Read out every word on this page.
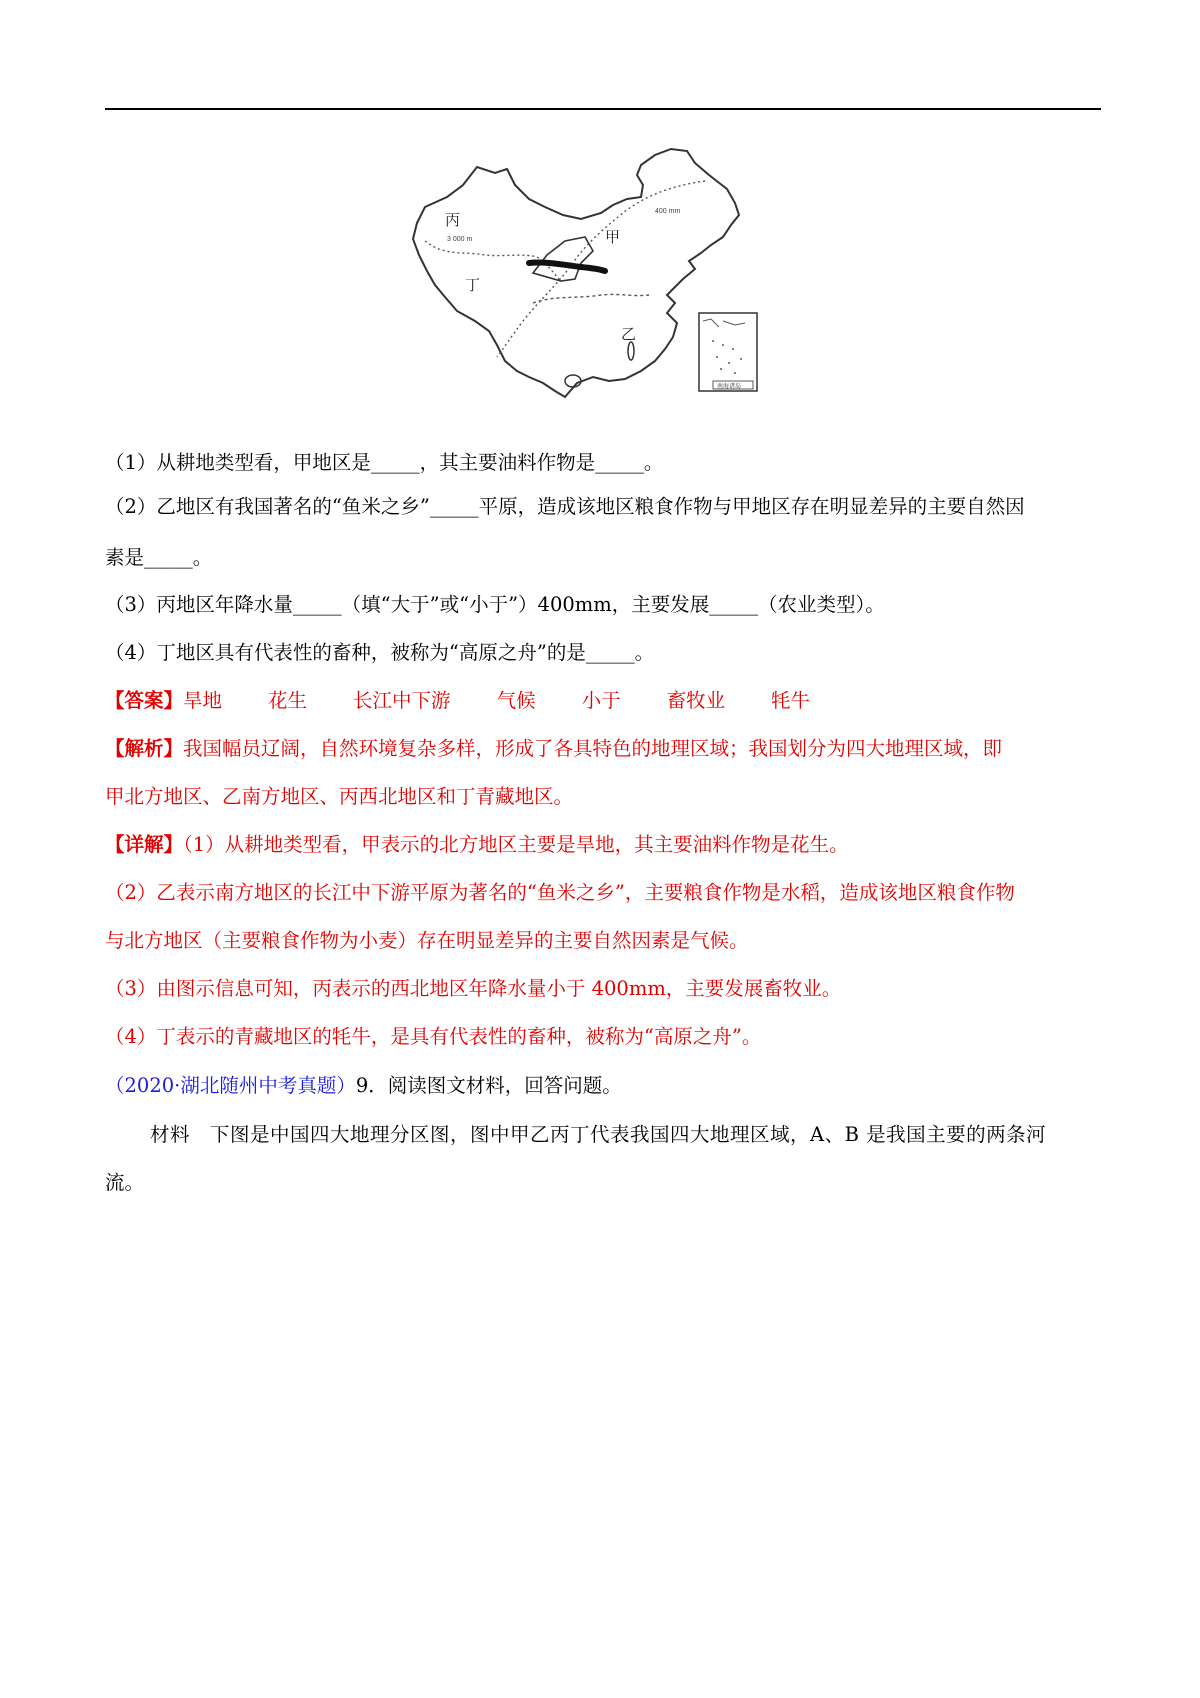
丙
丁
甲
乙
400 mm
3 000 m
南海诸岛
（1）从耕地类型看，甲地区是_____，其主要油料作物是_____。
（2）乙地区有我国著名的“鱼米之乡”_____平原，造成该地区粮食作物与甲地区存在明显差异的主要自然因
素是_____。
（3）丙地区年降水量_____（填“大于”或“小于”）400mm，主要发展_____（农业类型）。
（4）丁地区具有代表性的畜种，被称为“高原之舟”的是_____。
【答案】旱地 花生 长江中下游 气候 小于 畜牧业 牦牛
【解析】我国幅员辽阔，自然环境复杂多样，形成了各具特色的地理区域；我国划分为四大地理区域，即
甲北方地区、乙南方地区、丙西北地区和丁青藏地区。
【详解】（1）从耕地类型看，甲表示的北方地区主要是旱地，其主要油料作物是花生。
（2）乙表示南方地区的长江中下游平原为著名的“鱼米之乡”，主要粮食作物是水稻，造成该地区粮食作物
与北方地区（主要粮食作物为小麦）存在明显差异的主要自然因素是气候。
（3）由图示信息可知，丙表示的西北地区年降水量小于 400mm，主要发展畜牧业。
（4）丁表示的青藏地区的牦牛，是具有代表性的畜种，被称为“高原之舟”。
（2020·湖北随州中考真题）9．阅读图文材料，回答问题。
材料　下图是中国四大地理分区图，图中甲乙丙丁代表我国四大地理区域，A、B 是我国主要的两条河
流。
